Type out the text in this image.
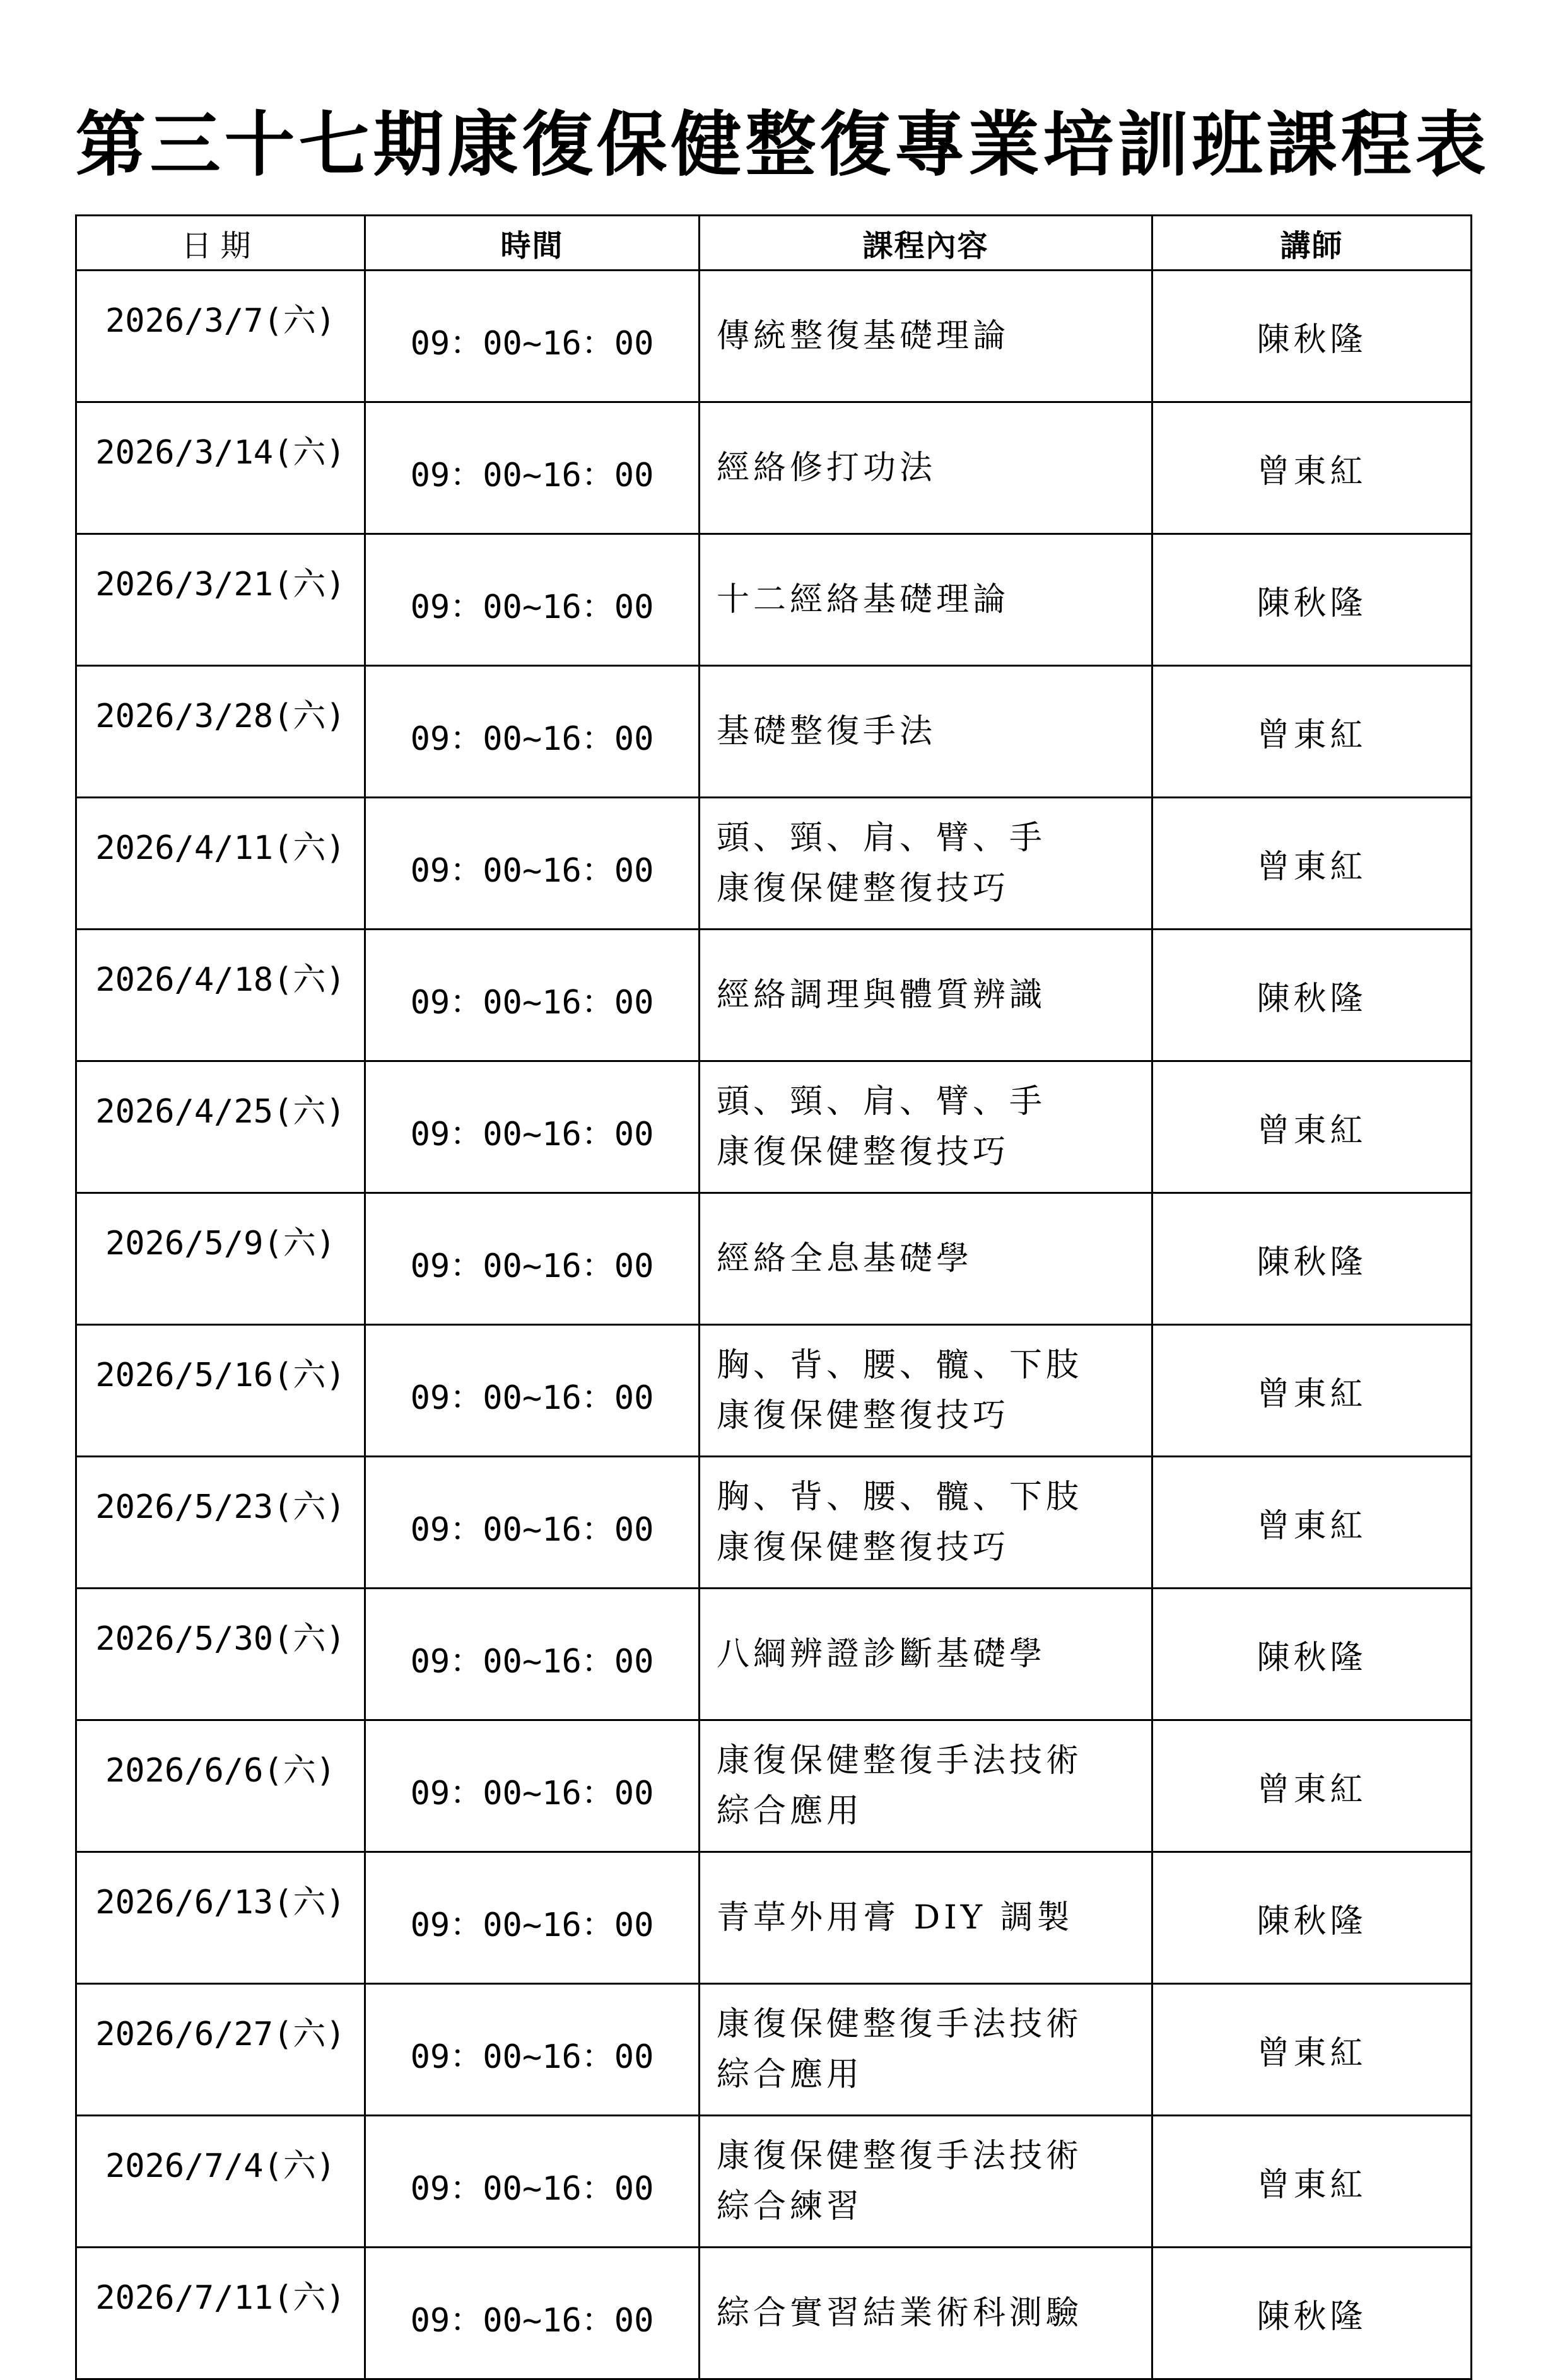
第三十七期康復保健整復專業培訓班課程表
日期	時間	課程內容	講師
2026/3/7(六)	09：00~16：00	傳統整復基礎理論	陳秋隆
2026/3/14(六)	09：00~16：00	經絡修打功法	曾東紅
2026/3/21(六)	09：00~16：00	十二經絡基礎理論	陳秋隆
2026/3/28(六)	09：00~16：00	基礎整復手法	曾東紅
2026/4/11(六)	09：00~16：00	頭、頸、肩、臂、手
康復保健整復技巧	曾東紅
2026/4/18(六)	09：00~16：00	經絡調理與體質辨識	陳秋隆
2026/4/25(六)	09：00~16：00	頭、頸、肩、臂、手
康復保健整復技巧	曾東紅
2026/5/9(六)	09：00~16：00	經絡全息基礎學	陳秋隆
2026/5/16(六)	09：00~16：00	胸、背、腰、髖、下肢
康復保健整復技巧	曾東紅
2026/5/23(六)	09：00~16：00	胸、背、腰、髖、下肢
康復保健整復技巧	曾東紅
2026/5/30(六)	09：00~16：00	八綱辨證診斷基礎學	陳秋隆
2026/6/6(六)	09：00~16：00	康復保健整復手法技術
綜合應用	曾東紅
2026/6/13(六)	09：00~16：00	青草外用膏 DIY 調製	陳秋隆
2026/6/27(六)	09：00~16：00	康復保健整復手法技術
綜合應用	曾東紅
2026/7/4(六)	09：00~16：00	康復保健整復手法技術
綜合練習	曾東紅
2026/7/11(六)	09：00~16：00	綜合實習結業術科測驗	陳秋隆
